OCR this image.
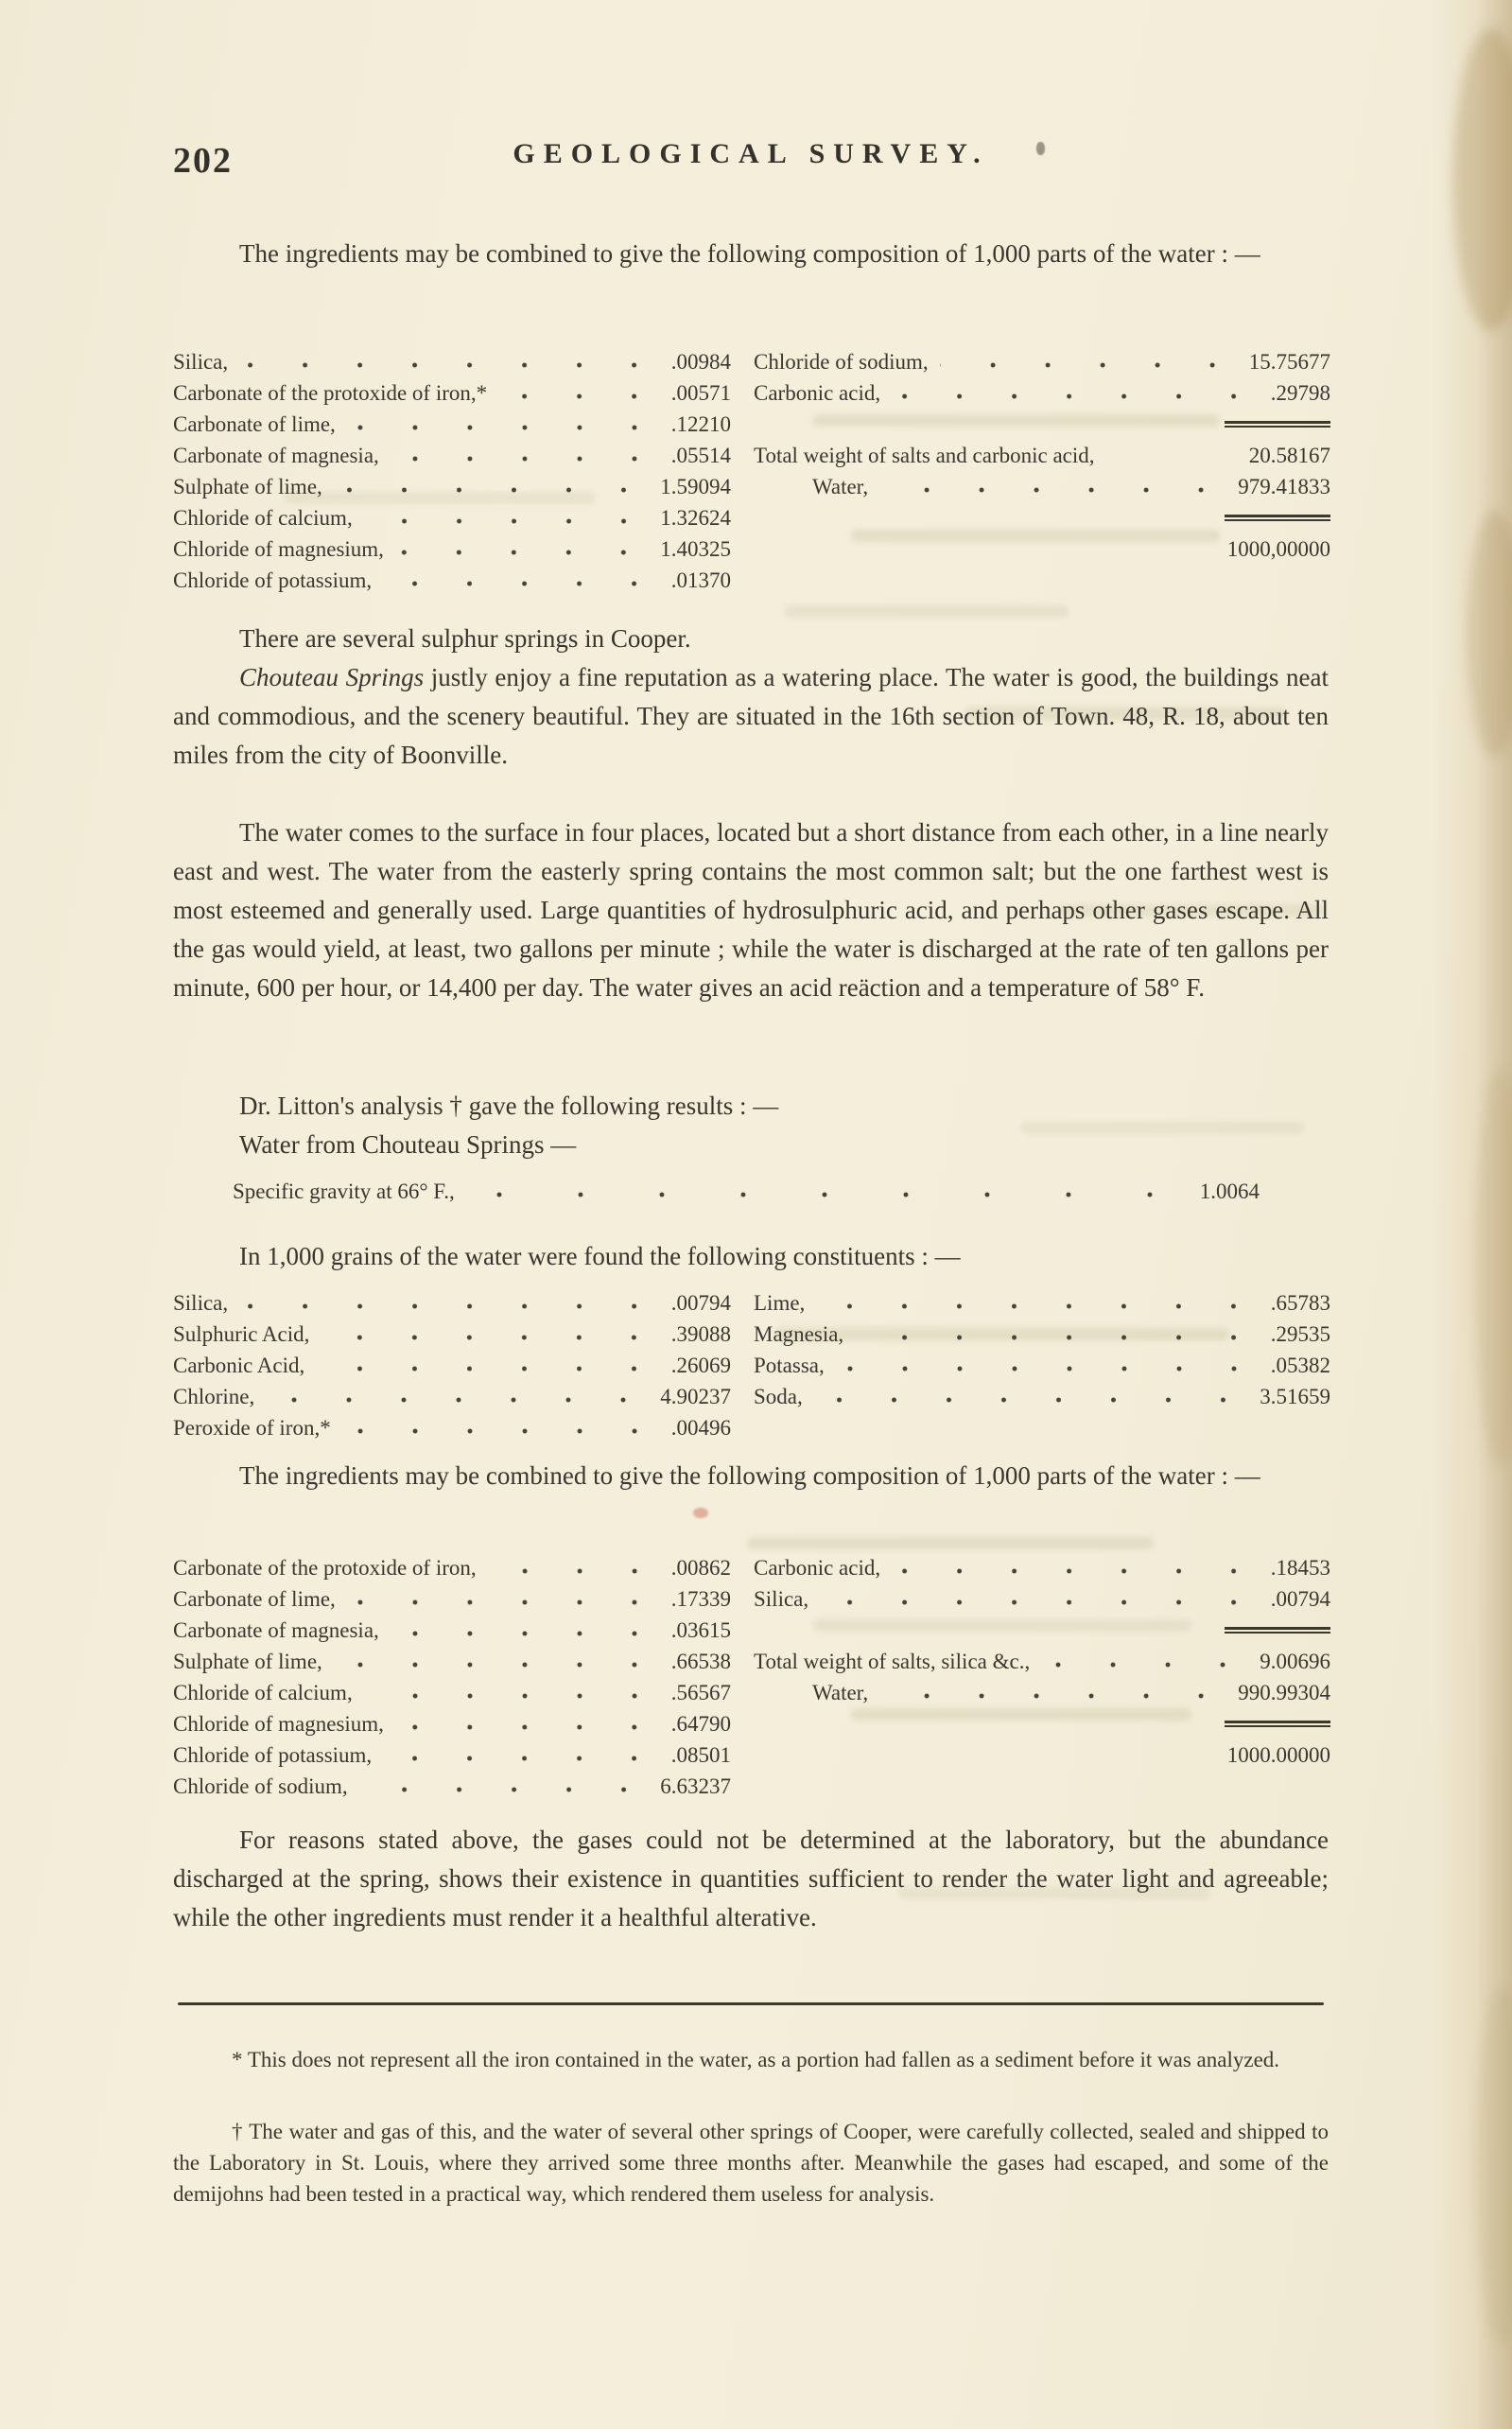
202	GEOLOGICAL SURVEY.

The ingredients may be combined to give the following composition of 1,000 parts of the water : —

Silica,	.00984
Carbonate of the protoxide of iron,*	.00571
Carbonate of lime,	.12210
Carbonate of magnesia,	.05514
Sulphate of lime,	1.59094
Chloride of calcium,	1.32624
Chloride of magnesium,	1.40325
Chloride of potassium,	.01370
Chloride of sodium,	15.75677
Carbonic acid,	.29798
Total weight of salts and carbonic acid,	20.58167
Water,	979.41833
1000,00000

There are several sulphur springs in Cooper.

Chouteau Springs justly enjoy a fine reputation as a watering place. The water is good, the buildings neat and commodious, and the scenery beautiful. They are situated in the 16th section of Town. 48, R. 18, about ten miles from the city of Boonville.

The water comes to the surface in four places, located but a short distance from each other, in a line nearly east and west. The water from the easterly spring contains the most common salt; but the one farthest west is most esteemed and generally used. Large quantities of hydrosulphuric acid, and perhaps other gases escape. All the gas would yield, at least, two gallons per minute ; while the water is discharged at the rate of ten gallons per minute, 600 per hour, or 14,400 per day. The water gives an acid reäction and a temperature of 58° F.

Dr. Litton's analysis † gave the following results : —

Water from Chouteau Springs —

Specific gravity at 66° F.,	1.0064

In 1,000 grains of the water were found the following constituents : —

Silica,	.00794
Sulphuric Acid,	.39088
Carbonic Acid,	.26069
Chlorine,	4.90237
Peroxide of iron,*	.00496
Lime,	.65783
Magnesia,	.29535
Potassa,	.05382
Soda,	3.51659

The ingredients may be combined to give the following composition of 1,000 parts of the water : —

Carbonate of the protoxide of iron,	.00862
Carbonate of lime,	.17339
Carbonate of magnesia,	.03615
Sulphate of lime,	.66538
Chloride of calcium,	.56567
Chloride of magnesium,	.64790
Chloride of potassium,	.08501
Chloride of sodium,	6.63237
Carbonic acid,	.18453
Silica,	.00794
Total weight of salts, silica &c.,	9.00696
Water,	990.99304
1000.00000

For reasons stated above, the gases could not be determined at the laboratory, but the abundance discharged at the spring, shows their existence in quantities sufficient to render the water light and agreeable; while the other ingredients must render it a healthful alterative.

* This does not represent all the iron contained in the water, as a portion had fallen as a sediment before it was analyzed.

† The water and gas of this, and the water of several other springs of Cooper, were carefully collected, sealed and shipped to the Laboratory in St. Louis, where they arrived some three months after. Meanwhile the gases had escaped, and some of the demijohns had been tested in a practical way, which rendered them useless for analysis.
